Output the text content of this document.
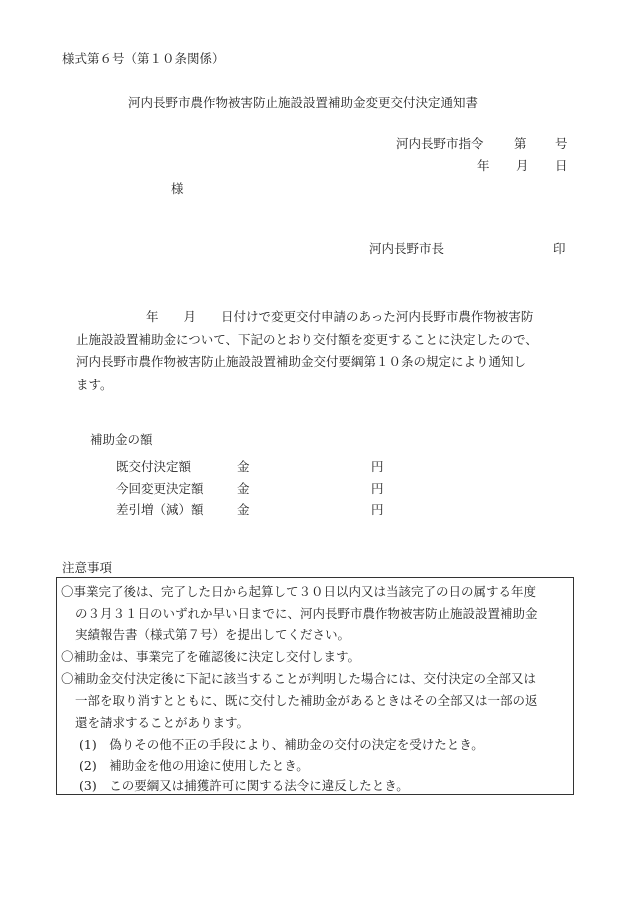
様式第６号（第１０条関係）
河内長野市農作物被害防止施設設置補助金変更交付決定通知書
河内長野市指令 第 号
年 月 日
様
河内長野市長	印
年　　月　　日付けで変更交付申請のあった河内長野市農作物被害防
止施設設置補助金について、下記のとおり交付額を変更することに決定したので、
河内長野市農作物被害防止施設設置補助金交付要綱第１０条の規定により通知し
ます。
補助金の額
既交付決定額	金	円
今回変更決定額	金	円
差引増（減）額	金	円
注意事項
〇事業完了後は、完了した日から起算して３０日以内又は当該完了の日の属する年度
の３月３１日のいずれか早い日までに、河内長野市農作物被害防止施設設置補助金
実績報告書（様式第７号）を提出してください。
〇補助金は、事業完了を確認後に決定し交付します。
〇補助金交付決定後に下記に該当することが判明した場合には、交付決定の全部又は
一部を取り消すとともに、既に交付した補助金があるときはその全部又は一部の返
還を請求することがあります。
(1)　偽りその他不正の手段により、補助金の交付の決定を受けたとき。
(2)　補助金を他の用途に使用したとき。
(3)　この要綱又は捕獲許可に関する法令に違反したとき。
